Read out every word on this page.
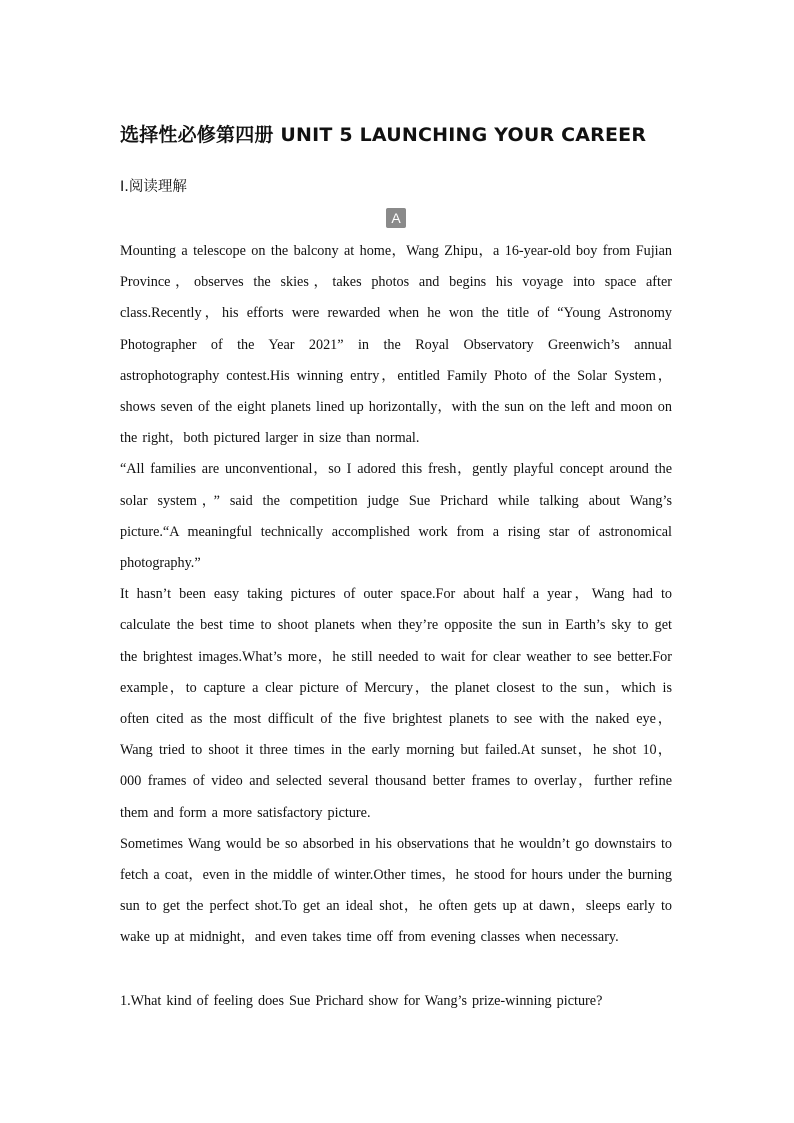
选择性必修第四册 UNIT 5 LAUNCHING YOUR CAREER
Ⅰ.阅读理解
A

Mounting a telescope on the balcony at home，Wang Zhipu，a 16-year-old boy from Fujian Province，observes the skies，takes photos and begins his voyage into space after class.Recently，his efforts were rewarded when he won the title of “Young Astronomy Photographer of the Year 2021” in the Royal Observatory Greenwich’s annual astrophotography contest.His winning entry，entitled Family Photo of the Solar System，shows seven of the eight planets lined up horizontally，with the sun on the left and moon on the right，both pictured larger in size than normal.

“All families are unconventional，so I adored this fresh，gently playful concept around the solar system，” said the competition judge Sue Prichard while talking about Wang’s picture.“A meaningful technically accomplished work from a rising star of astronomical photography.”

It hasn’t been easy taking pictures of outer space.For about half a year，Wang had to calculate the best time to shoot planets when they’re opposite the sun in Earth’s sky to get the brightest images.What’s more，he still needed to wait for clear weather to see better.For example，to capture a clear picture of Mercury，the planet closest to the sun，which is often cited as the most difficult of the five brightest planets to see with the naked eye，Wang tried to shoot it three times in the early morning but failed.At sunset，he shot 10，000 frames of video and selected several thousand better frames to overlay，further refine them and form a more satisfactory picture.

Sometimes Wang would be so absorbed in his observations that he wouldn’t go downstairs to fetch a coat，even in the middle of winter.Other times，he stood for hours under the burning sun to get the perfect shot.To get an ideal shot，he often gets up at dawn，sleeps early to wake up at midnight，and even takes time off from evening classes when necessary.

1.What kind of feeling does Sue Prichard show for Wang’s prize-winning picture?
